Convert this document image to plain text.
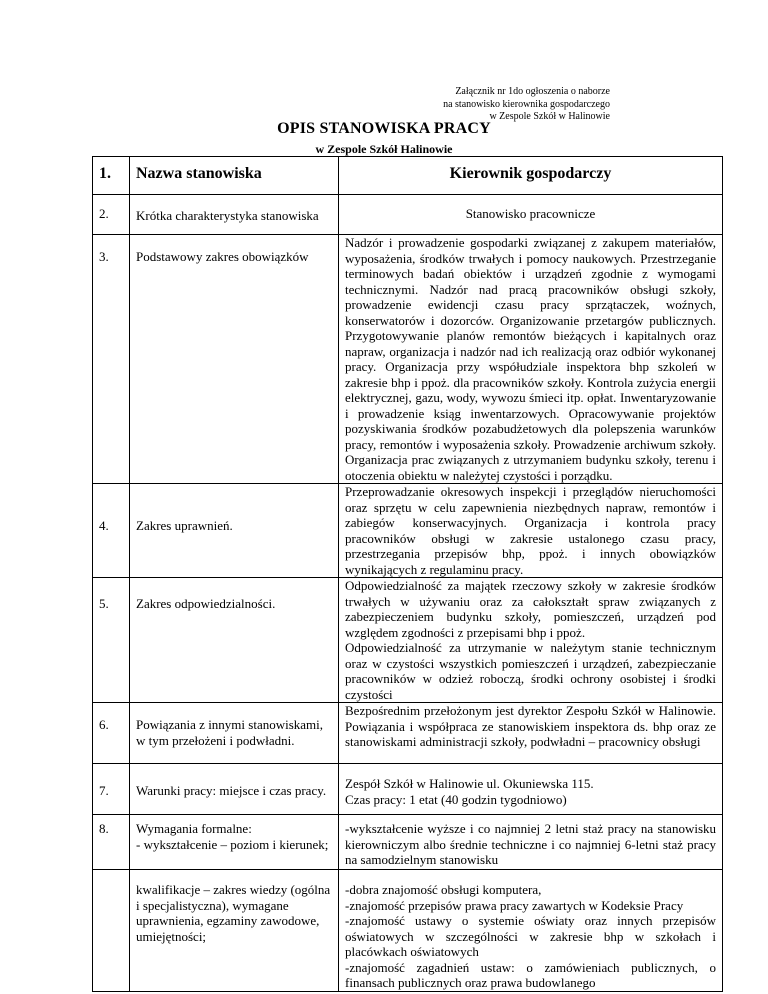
Załącznik nr 1do ogłoszenia o naborze
na stanowisko kierownika gospodarczego
w Zespole Szkół w Halinowie
OPIS STANOWISKA PRACY
w Zespole Szkół Halinowie
1.	Nazwa stanowiska	Kierownik gospodarczy
2.	Krótka charakterystyka stanowiska	Stanowisko pracownicze
3.	Podstawowy zakres obowiązków	Nadzór i prowadzenie gospodarki związanej z zakupem materiałów, wyposażenia, środków trwałych i pomocy naukowych. Przestrzeganie terminowych badań obiektów i urządzeń zgodnie z wymogami technicznymi. Nadzór nad pracą pracowników obsługi szkoły, prowadzenie ewidencji czasu pracy sprzątaczek, woźnych, konserwatorów i dozorców. Organizowanie przetargów publicznych. Przygotowywanie planów remontów bieżących i kapitalnych oraz napraw, organizacja i nadzór nad ich realizacją oraz odbiór wykonanej pracy. Organizacja przy współudziale inspektora bhp szkoleń w zakresie bhp i ppoż. dla pracowników szkoły. Kontrola zużycia energii elektrycznej, gazu, wody, wywozu śmieci itp. opłat. Inwentaryzowanie i prowadzenie ksiąg inwentarzowych. Opracowywanie projektów pozyskiwania środków pozabudżetowych dla polepszenia warunków pracy, remontów i wyposażenia szkoły. Prowadzenie archiwum szkoły. Organizacja prac związanych z utrzymaniem budynku szkoły, terenu i otoczenia obiektu w należytej czystości i porządku.
4.	Zakres uprawnień.	Przeprowadzanie okresowych inspekcji i przeglądów nieruchomości oraz sprzętu w celu zapewnienia niezbędnych napraw, remontów i zabiegów konserwacyjnych. Organizacja i kontrola pracy pracowników obsługi w zakresie ustalonego czasu pracy, przestrzegania przepisów bhp, ppoż. i innych obowiązków wynikających z regulaminu pracy.
5.	Zakres odpowiedzialności.	Odpowiedzialność za majątek rzeczowy szkoły w zakresie środków trwałych w używaniu oraz za całokształt spraw związanych z zabezpieczeniem budynku szkoły, pomieszczeń, urządzeń pod względem zgodności z przepisami bhp i ppoż.
Odpowiedzialność za utrzymanie w należytym stanie technicznym oraz w czystości wszystkich pomieszczeń i urządzeń, zabezpieczanie pracowników w odzież roboczą, środki ochrony osobistej i środki czystości

6.	Powiązania z innymi stanowiskami, w tym przełożeni i podwładni.	Bezpośrednim przełożonym jest dyrektor Zespołu Szkół w Halinowie. Powiązania i współpraca ze stanowiskiem inspektora ds. bhp oraz ze stanowiskami administracji szkoły, podwładni – pracownicy obsługi
7.	Warunki pracy: miejsce i czas pracy.	Zespół Szkół w Halinowie ul. Okuniewska 115.
Czas pracy: 1 etat (40 godzin tygodniowo)

8.	Wymagania formalne:
- wykształcenie – poziom i kierunek;	-wykształcenie wyższe i co najmniej 2 letni staż pracy na stanowisku kierowniczym albo średnie techniczne i co najmniej 6-letni staż pracy na samodzielnym stanowisku
	kwalifikacje – zakres wiedzy (ogólna i specjalistyczna), wymagane uprawnienia, egzaminy zawodowe, umiejętności;	-dobra znajomość obsługi komputera,
-znajomość przepisów prawa pracy zawartych w Kodeksie Pracy
-znajomość ustawy o systemie oświaty oraz innych przepisów oświatowych w szczególności w zakresie bhp w szkołach i placówkach oświatowych
-znajomość zagadnień ustaw: o zamówieniach publicznych, o finansach publicznych oraz prawa budowlanego
